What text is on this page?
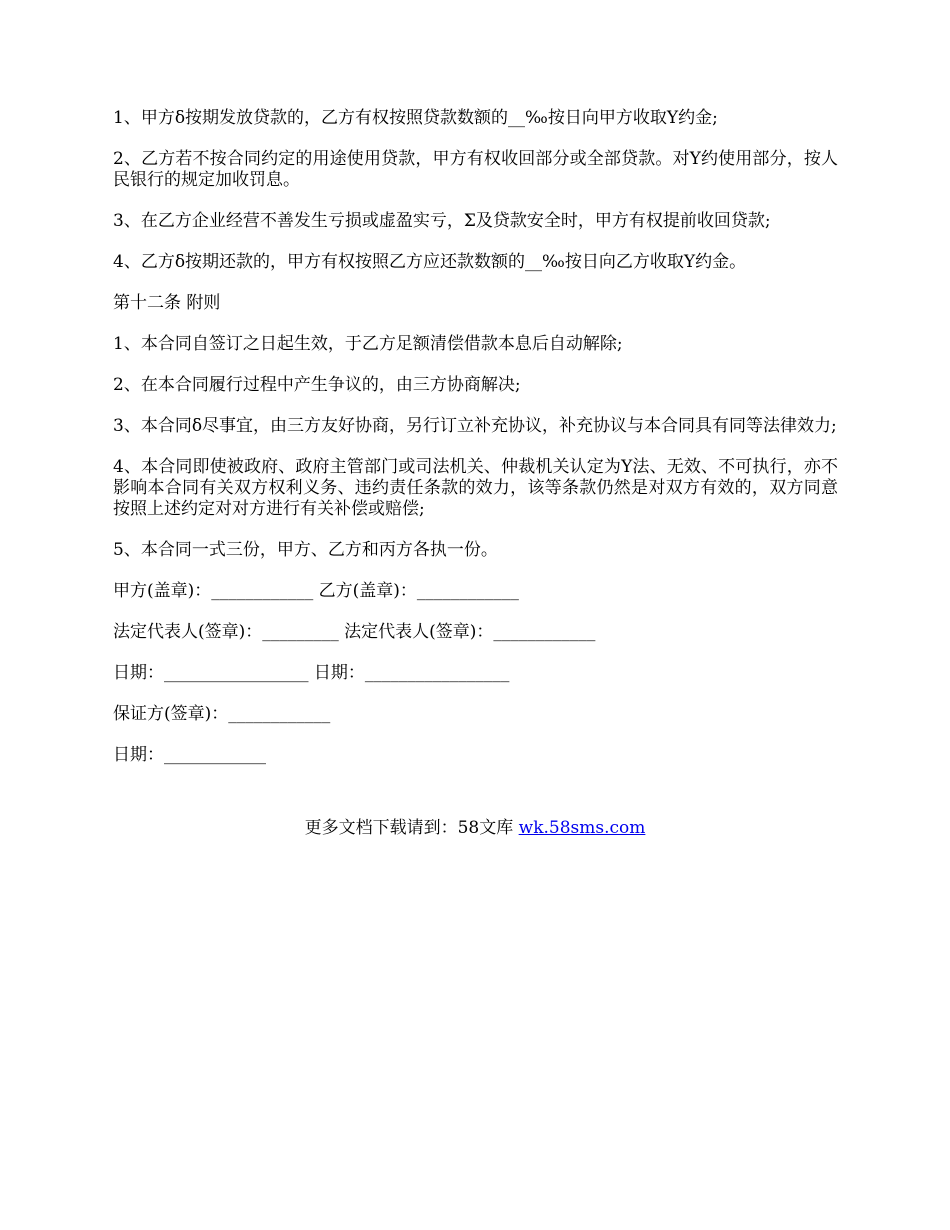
1、甲方δ按期发放贷款的，乙方有权按照贷款数额的__‰按日向甲方收取Y约金;

2、乙方若不按合同约定的用途使用贷款，甲方有权收回部分或全部贷款。对Y约使用部分，按人民银行的规定加收罚息。

3、在乙方企业经营不善发生亏损或虚盈实亏，Σ及贷款安全时，甲方有权提前收回贷款;

4、乙方δ按期还款的，甲方有权按照乙方应还款数额的__‰按日向乙方收取Y约金。

第十二条 附则

1、本合同自签订之日起生效，于乙方足额清偿借款本息后自动解除;

2、在本合同履行过程中产生争议的，由三方协商解决;

3、本合同δ尽事宜，由三方友好协商，另行订立补充协议，补充协议与本合同具有同等法律效力;

4、本合同即使被政府、政府主管部门或司法机关、仲裁机关认定为Y法、无效、不可执行，亦不影响本合同有关双方权利义务、违约责任条款的效力，该等条款仍然是对双方有效的，双方同意按照上述约定对对方进行有关补偿或赔偿;

5、本合同一式三份，甲方、乙方和丙方各执一份。

甲方(盖章)：____________ 乙方(盖章)：____________

法定代表人(签章)：_________ 法定代表人(签章)：____________

日期：_________________ 日期：_________________

保证方(签章)：____________

日期：____________

更多文档下载请到：58文库 wk.58sms.com
